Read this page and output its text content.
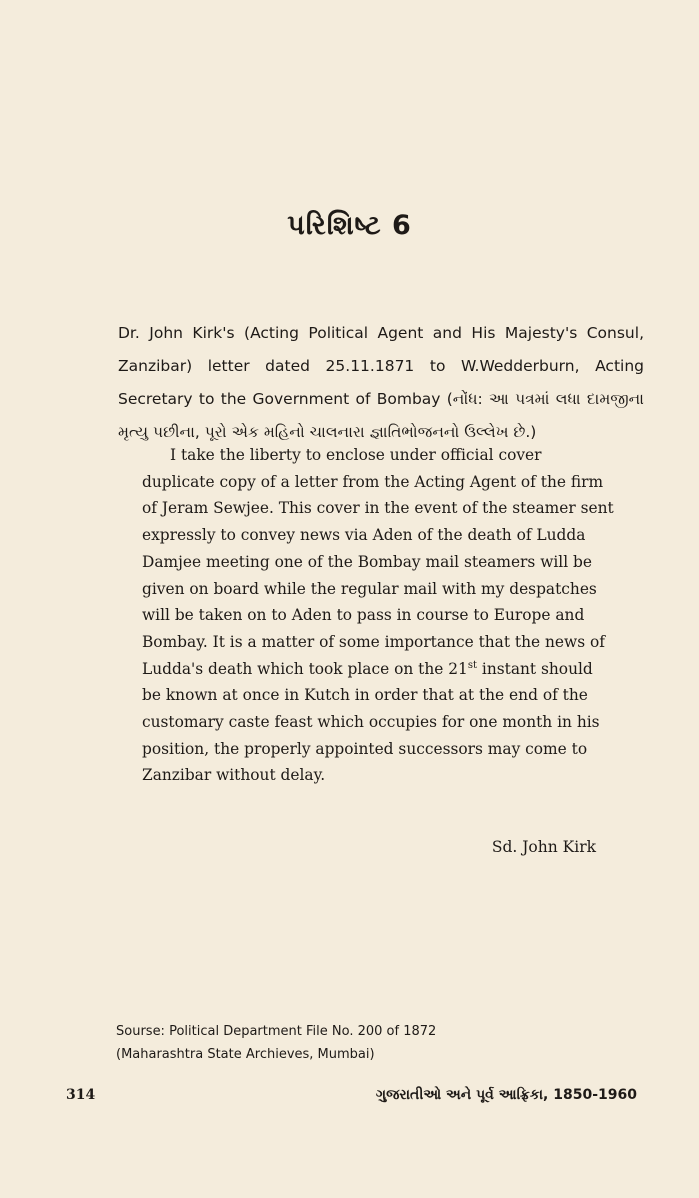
પરિશિષ્ટ 6
Dr. John Kirk's (Acting Political Agent and His Majesty's Consul, Zanzibar) letter dated 25.11.1871 to W.Wedderburn, Acting Secretary to the Government of Bombay (નોંધ: આ પત્રમાં લધા દામજીના મૃત્યુ પછીના, પૂરો એક મહિનો ચાલનારા જ્ઞાતિભોજનનો ઉલ્લેખ છે.)

I take the liberty to enclose under official cover duplicate copy of a letter from the Acting Agent of the firm of Jeram Sewjee. This cover in the event of the steamer sent expressly to convey news via Aden of the death of Ludda Damjee meeting one of the Bombay mail steamers will be given on board while the regular mail with my despatches will be taken on to Aden to pass in course to Europe and Bombay. It is a matter of some importance that the news of Ludda's death which took place on the 21st instant should be known at once in Kutch in order that at the end of the customary caste feast which occupies for one month in his position, the properly appointed successors may come to Zanzibar without delay.

Sd. John Kirk
Sourse: Political Department File No. 200 of 1872
(Maharashtra State Archieves, Mumbai)
314	ગુજરાતીઓ અને પૂર્વ આફ્રિકા, 1850-1960
